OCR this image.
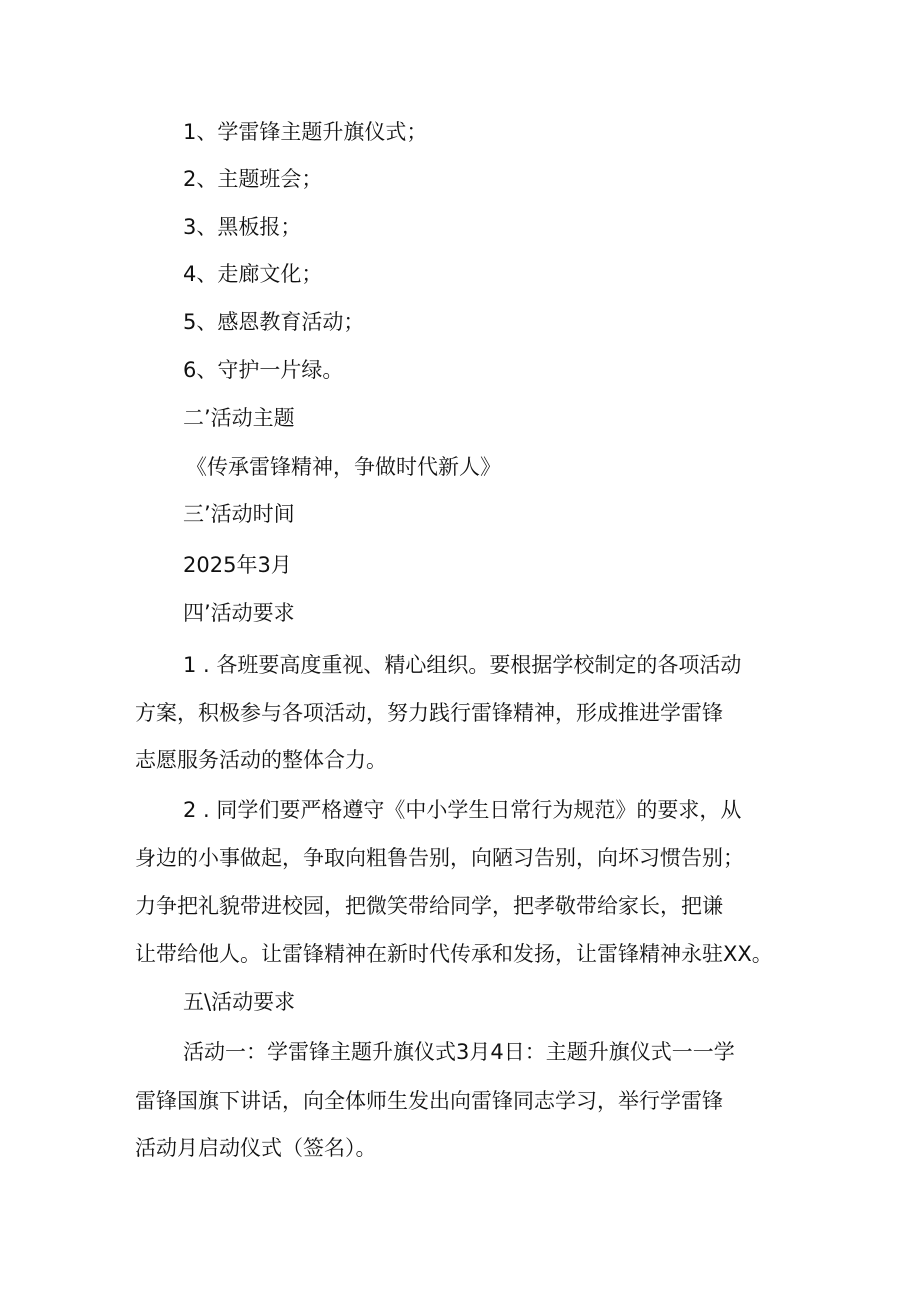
1、学雷锋主题升旗仪式；
2、主题班会；
3、黑板报；
4、走廊文化；
5、感恩教育活动；
6、守护一片绿。
二’活动主题
《传承雷锋精神，争做时代新人》
三’活动时间
2025年3月
四’活动要求
1 . 各班要高度重视、精心组织。要根据学校制定的各项活动
方案，积极参与各项活动，努力践行雷锋精神，形成推进学雷锋
志愿服务活动的整体合力。
2 . 同学们要严格遵守《中小学生日常行为规范》的要求，从
身边的小事做起，争取向粗鲁告别，向陋习告别，向坏习惯告别；
力争把礼貌带进校园，把微笑带给同学，把孝敬带给家长，把谦
让带给他人。让雷锋精神在新时代传承和发扬，让雷锋精神永驻XX。
五\活动要求
活动一：学雷锋主题升旗仪式3月4日：主题升旗仪式一一学
雷锋国旗下讲话，向全体师生发出向雷锋同志学习，举行学雷锋
活动月启动仪式（签名）。
